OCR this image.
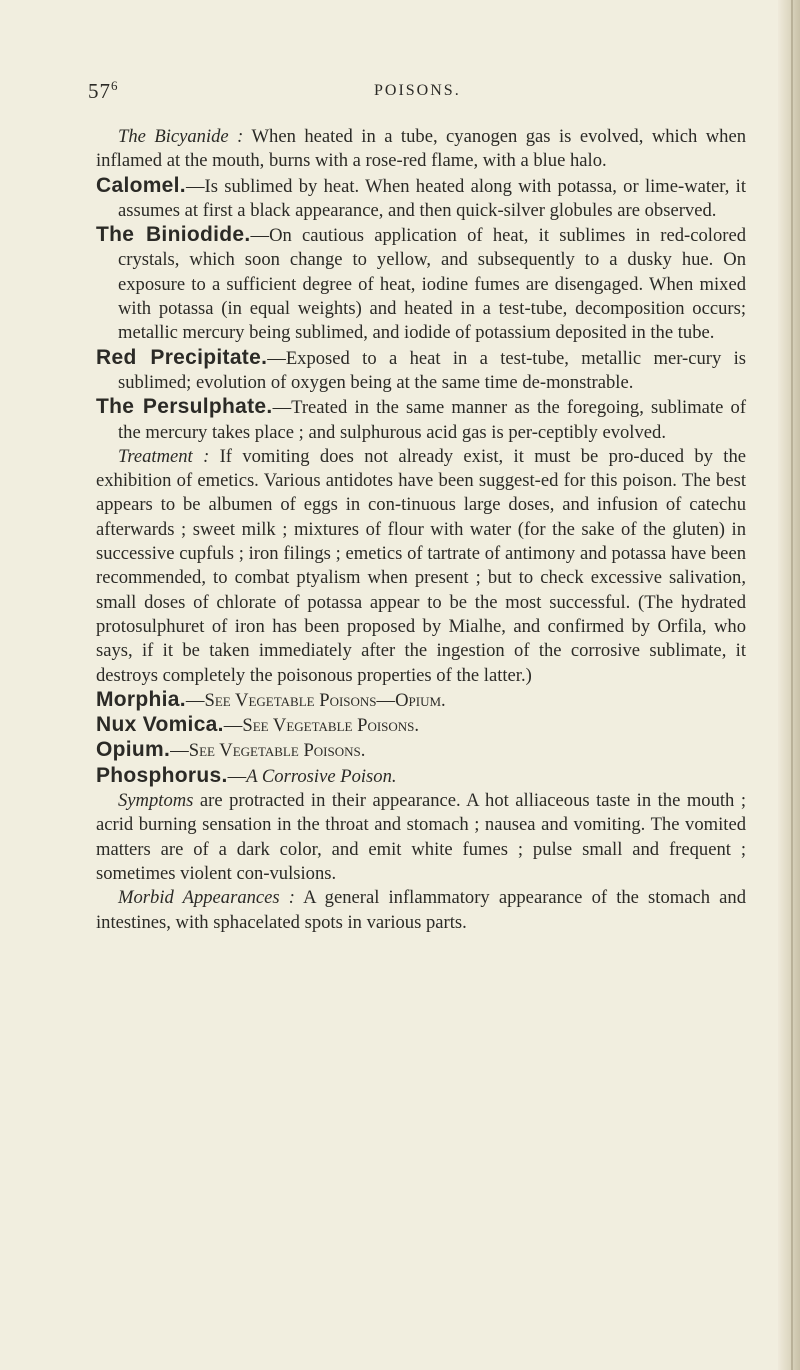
$57^6$	POISONS.

The Bicyanide : When heated in a tube, cyanogen gas is evolved, which when inflamed at the mouth, burns with a rose-red flame, with a blue halo.

Calomel.—Is sublimed by heat. When heated along with potassa, or lime-water, it assumes at first a black appearance, and then quick-silver globules are observed.

The Biniodide.—On cautious application of heat, it sublimes in red-colored crystals, which soon change to yellow, and subsequently to a dusky hue. On exposure to a sufficient degree of heat, iodine fumes are disengaged. When mixed with potassa (in equal weights) and heated in a test-tube, decomposition occurs; metallic mercury being sublimed, and iodide of potassium deposited in the tube.

Red Precipitate.—Exposed to a heat in a test-tube, metallic mer-cury is sublimed; evolution of oxygen being at the same time de-monstrable.

The Persulphate.—Treated in the same manner as the foregoing, sublimate of the mercury takes place ; and sulphurous acid gas is per-ceptibly evolved.

Treatment : If vomiting does not already exist, it must be pro-duced by the exhibition of emetics. Various antidotes have been suggest-ed for this poison. The best appears to be albumen of eggs in con-tinuous large doses, and infusion of catechu afterwards ; sweet milk ; mixtures of flour with water (for the sake of the gluten) in successive cupfuls ; iron filings ; emetics of tartrate of antimony and potassa have been recommended, to combat ptyalism when present ; but to check excessive salivation, small doses of chlorate of potassa appear to be the most successful. (The hydrated protosulphuret of iron has been proposed by Mialhe, and confirmed by Orfila, who says, if it be taken immediately after the ingestion of the corrosive sublimate, it destroys completely the poisonous properties of the latter.)

Morphia.—See Vegetable Poisons—Opium.

Nux Vomica.—See Vegetable Poisons.

Opium.—See Vegetable Poisons.

Phosphorus.—A Corrosive Poison.

Symptoms are protracted in their appearance. A hot alliaceous taste in the mouth ; acrid burning sensation in the throat and stomach ; nausea and vomiting. The vomited matters are of a dark color, and emit white fumes ; pulse small and frequent ; sometimes violent con-vulsions.

Morbid Appearances : A general inflammatory appearance of the stomach and intestines, with sphacelated spots in various parts.
